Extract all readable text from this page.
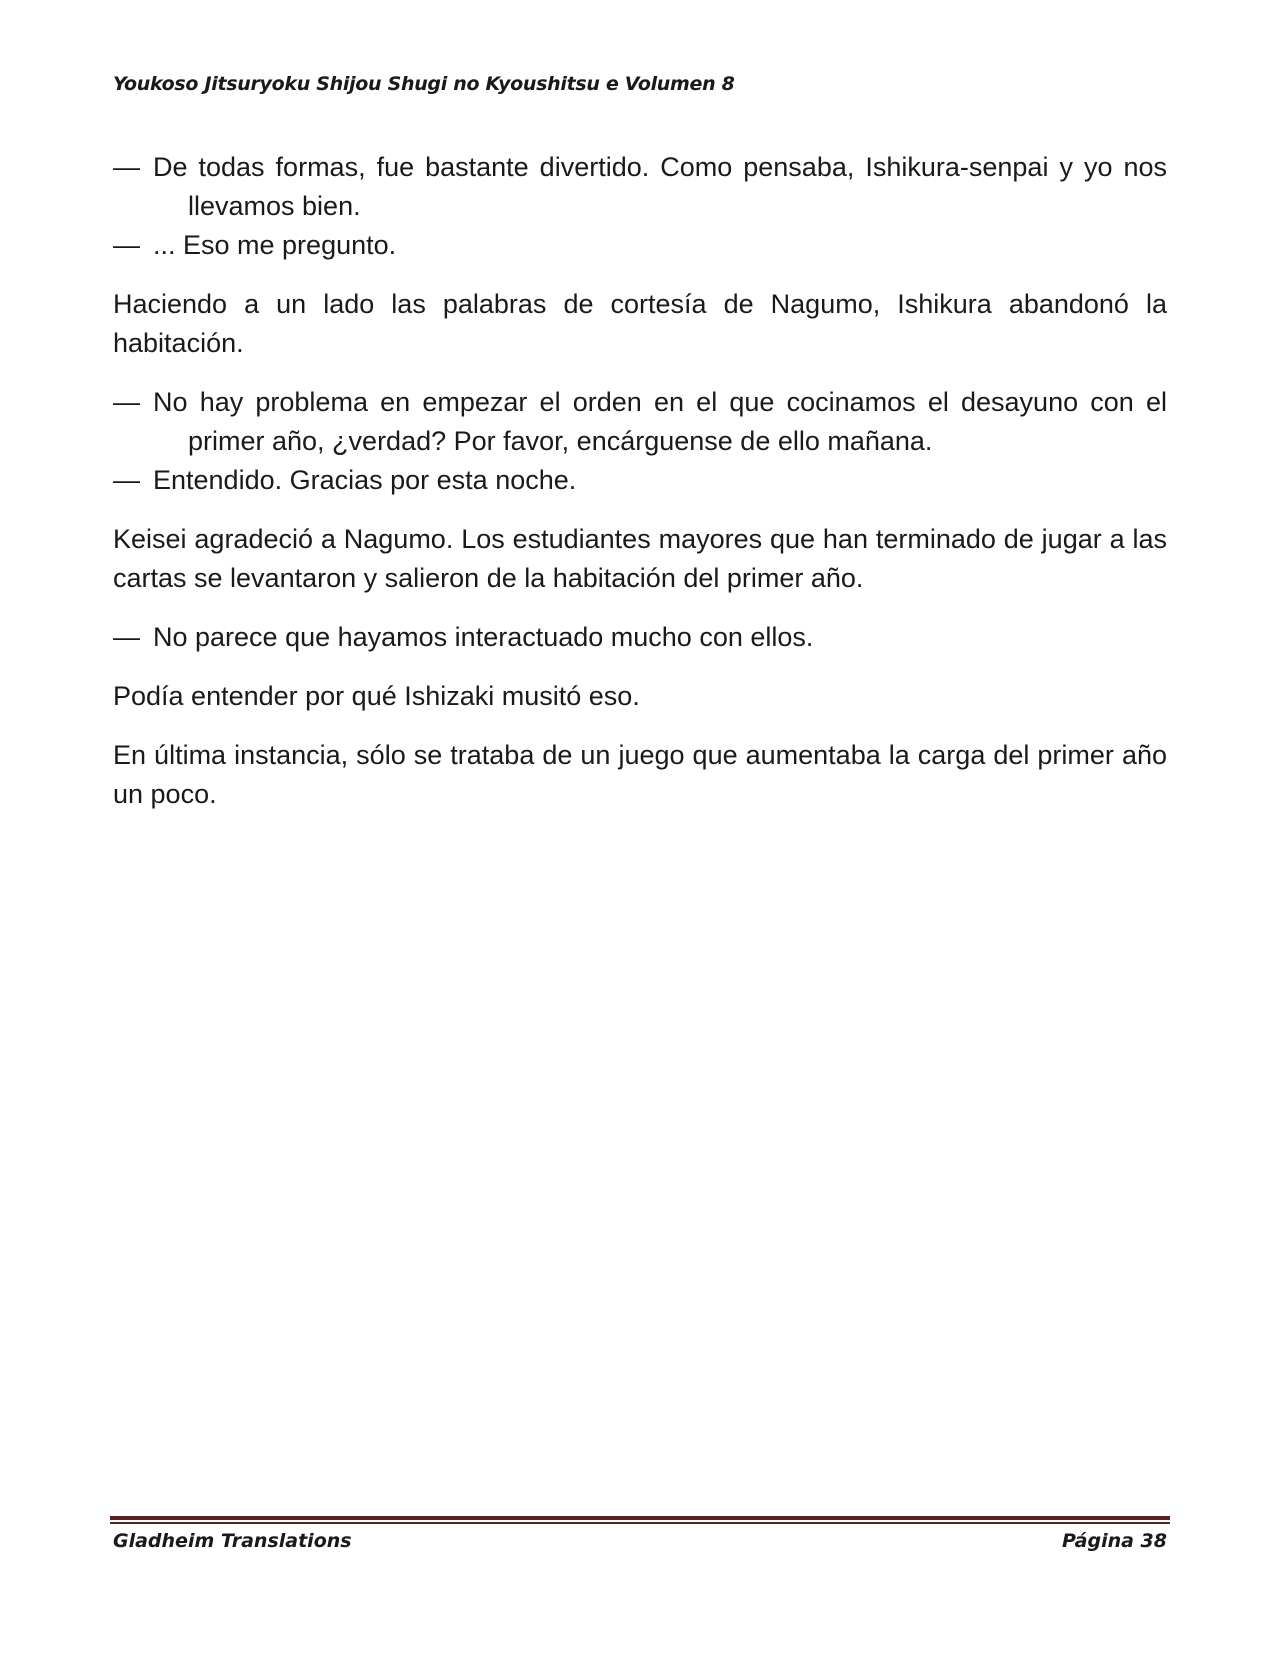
Youkoso Jitsuryoku Shijou Shugi no Kyoushitsu e Volumen 8

— De todas formas, fue bastante divertido. Como pensaba, Ishikura-senpai y yo nos llevamos bien.

— ... Eso me pregunto.

Haciendo a un lado las palabras de cortesía de Nagumo, Ishikura abandonó la habitación.

— No hay problema en empezar el orden en el que cocinamos el desayuno con el primer año, ¿verdad? Por favor, encárguense de ello mañana.

— Entendido. Gracias por esta noche.

Keisei agradeció a Nagumo. Los estudiantes mayores que han terminado de jugar a las cartas se levantaron y salieron de la habitación del primer año.

— No parece que hayamos interactuado mucho con ellos.

Podía entender por qué Ishizaki musitó eso.

En última instancia, sólo se trataba de un juego que aumentaba la carga del primer año un poco.

Gladheim Translations	Página 38
